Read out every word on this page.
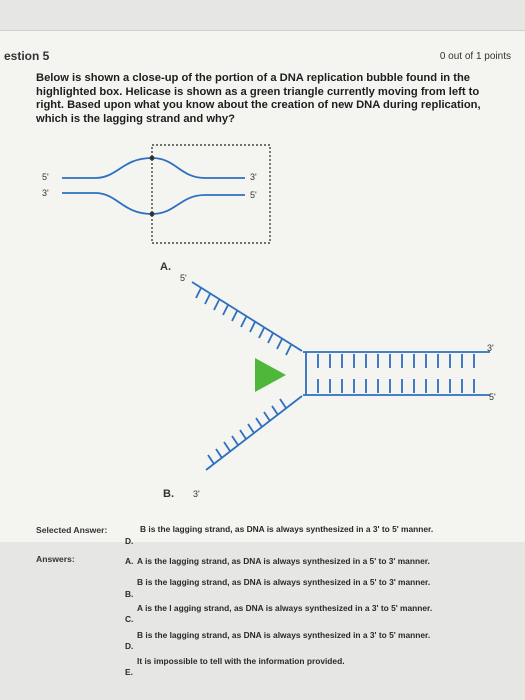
estion 5	0 out of 1 points
Below is shown a close-up of the portion of a DNA replication bubble found in the highlighted box. Helicase is shown as a green triangle currently moving from left to right. Based upon what you know about the creation of new DNA during replication, which is the lagging strand and why?
5'
3'
3'
5'
A.
5'
B. 3'
3'
5'
Selected Answer:	B is the lagging strand, as DNA is always synthesized in a 3' to 5' manner.
D.
Answers:	A. A is the lagging strand, as DNA is always synthesized in a 5' to 3' manner.
B is the lagging strand, as DNA is always synthesized in a 5' to 3' manner.
B.
A is the l agging strand, as DNA is always synthesized in a 3' to 5' manner.
C.
B is the lagging strand, as DNA is always synthesized in a 3' to 5' manner.
D.
It is impossible to tell with the information provided.
E.
